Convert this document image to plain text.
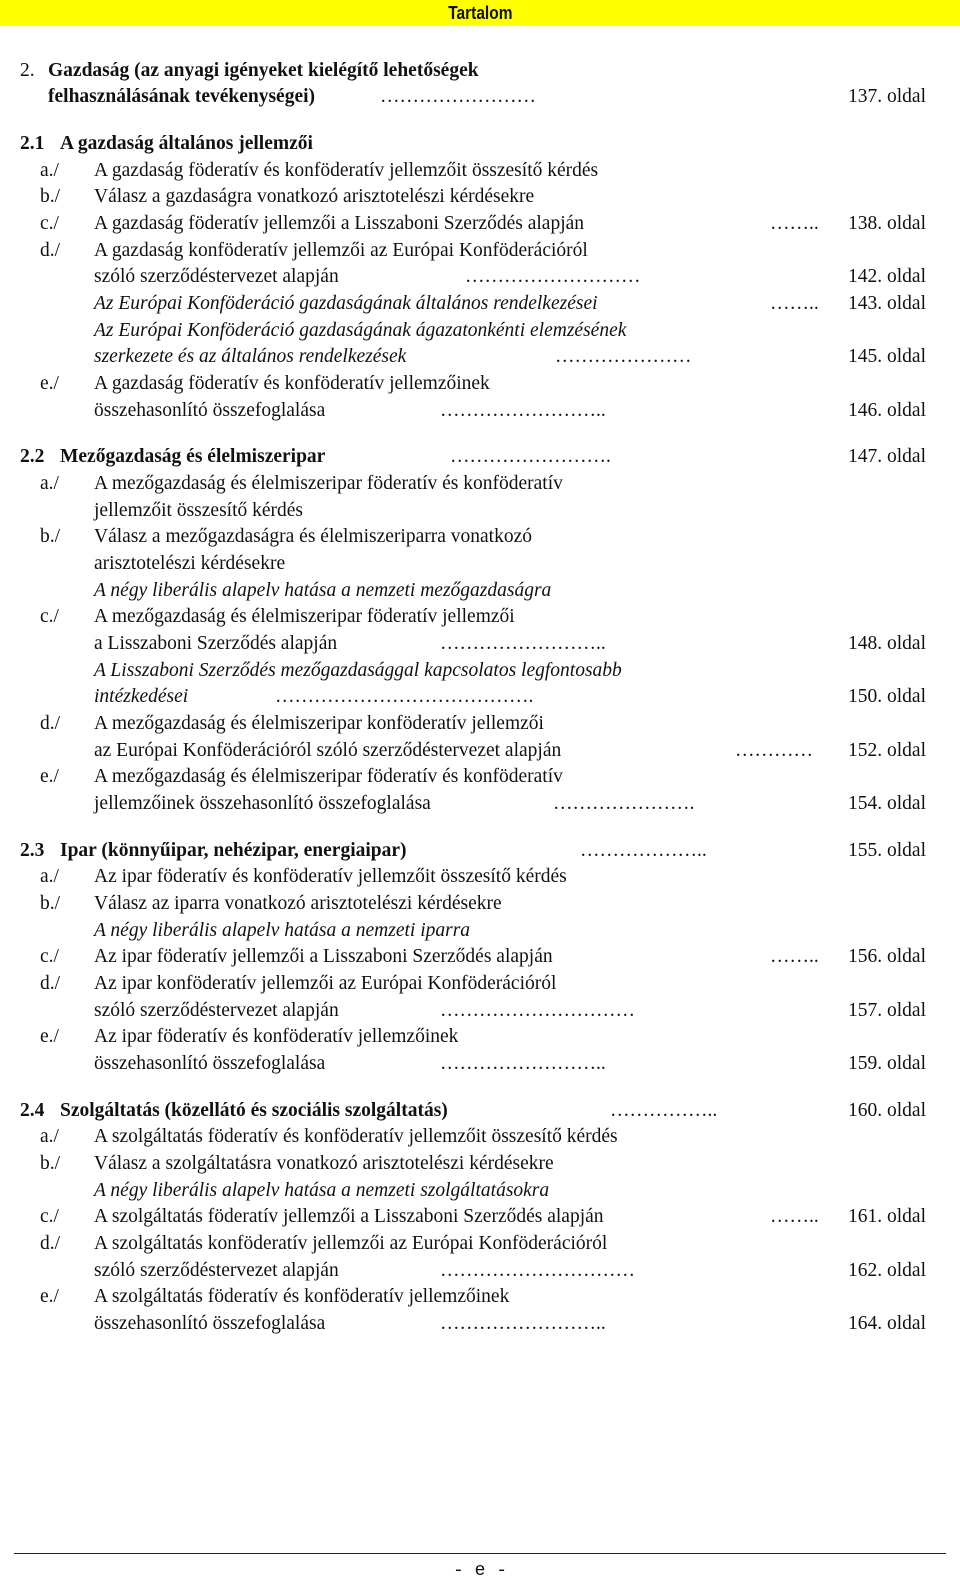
Tartalom
2. Gazdaság (az anyagi igényeket kielégítő lehetőségek
felhasználásának tevékenységei)	……………………	137. oldal
2.1 A gazdaság általános jellemzői
a./ A gazdaság föderatív és konföderatív jellemzőit összesítő kérdés
b./ Válasz a gazdaságra vonatkozó arisztotelészi kérdésekre
c./ A gazdaság föderatív jellemzői a Lisszaboni Szerződés alapján	…….. 138. oldal
d./ A gazdaság konföderatív jellemzői az Európai Konföderációról
szóló szerződéstervezet alapján	………………………	142. oldal
Az Európai Konföderáció gazdaságának általános rendelkezései	…….. 143. oldal
Az Európai Konföderáció gazdaságának ágazatonkénti elemzésének
szerkezete és az általános rendelkezések	…………………	145. oldal
e./ A gazdaság föderatív és konföderatív jellemzőinek
összehasonlító összefoglalása	……………………..	146. oldal
2.2 Mezőgazdaság és élelmiszeripar	…………………….	147. oldal
a./ A mezőgazdaság és élelmiszeripar föderatív és konföderatív
jellemzőit összesítő kérdés
b./ Válasz a mezőgazdaságra és élelmiszeriparra vonatkozó
arisztotelészi kérdésekre
A négy liberális alapelv hatása a nemzeti mezőgazdaságra
c./ A mezőgazdaság és élelmiszeripar föderatív jellemzői
a Lisszaboni Szerződés alapján	……………………..	148. oldal
A Lisszaboni Szerződés mezőgazdasággal kapcsolatos legfontosabb
intézkedései	………………………………….	150. oldal
d./ A mezőgazdaság és élelmiszeripar konföderatív jellemzői
az Európai Konföderációról szóló szerződéstervezet alapján	………… 152. oldal
e./ A mezőgazdaság és élelmiszeripar föderatív és konföderatív
jellemzőinek összehasonlító összefoglalása	………………….	154. oldal
2.3 Ipar (könnyűipar, nehézipar, energiaipar)	………………..	155. oldal
a./ Az ipar föderatív és konföderatív jellemzőit összesítő kérdés
b./ Válasz az iparra vonatkozó arisztotelészi kérdésekre
A négy liberális alapelv hatása a nemzeti iparra
c./ Az ipar föderatív jellemzői a Lisszaboni Szerződés alapján	…….. 156. oldal
d./ Az ipar konföderatív jellemzői az Európai Konföderációról
szóló szerződéstervezet alapján	…………………………	157. oldal
e./ Az ipar föderatív és konföderatív jellemzőinek
összehasonlító összefoglalása	……………………..	159. oldal
2.4 Szolgáltatás (közellátó és szociális szolgáltatás)	……………..	160. oldal
a./ A szolgáltatás föderatív és konföderatív jellemzőit összesítő kérdés
b./ Válasz a szolgáltatásra vonatkozó arisztotelészi kérdésekre
A négy liberális alapelv hatása a nemzeti szolgáltatásokra
c./ A szolgáltatás föderatív jellemzői a Lisszaboni Szerződés alapján	…….. 161. oldal
d./ A szolgáltatás konföderatív jellemzői az Európai Konföderációról
szóló szerződéstervezet alapján	…………………………	162. oldal
e./ A szolgáltatás föderatív és konföderatív jellemzőinek
összehasonlító összefoglalása	……………………..	164. oldal
- e -
